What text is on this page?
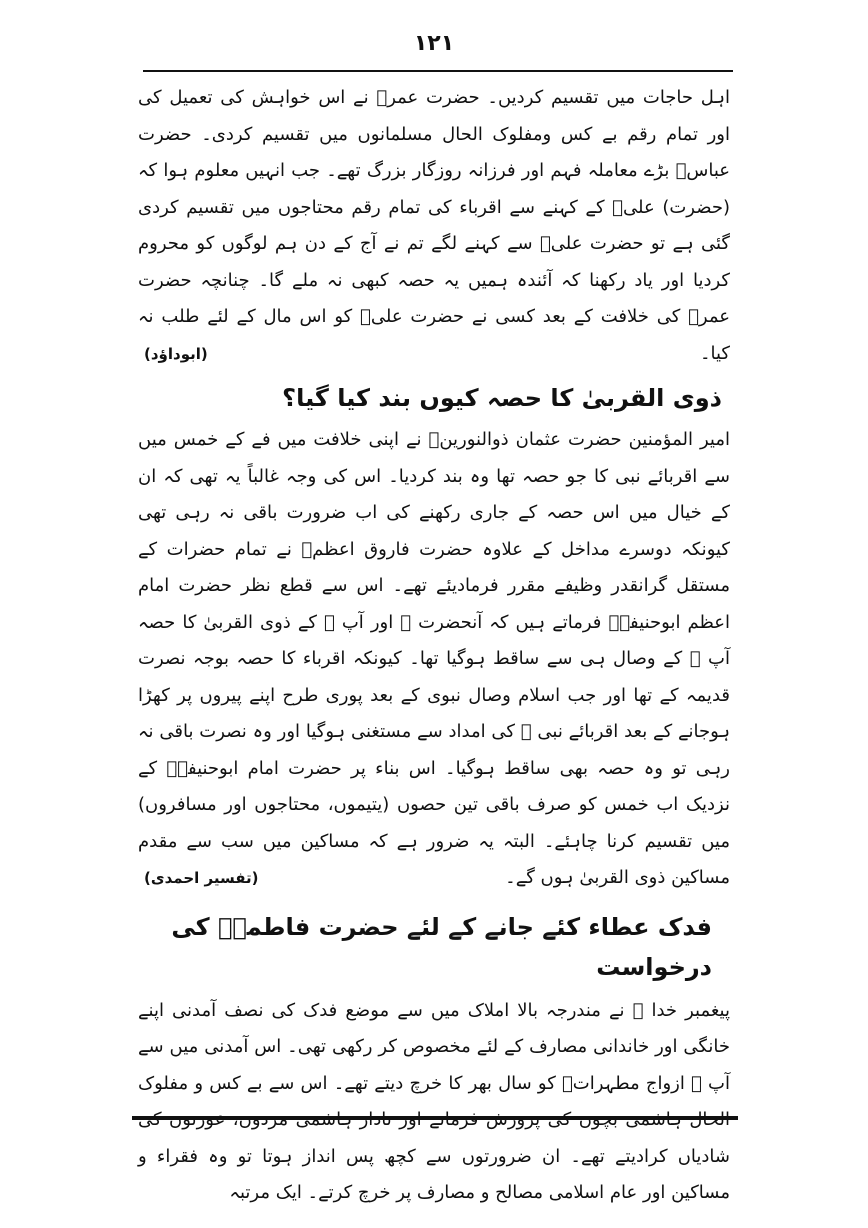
۱۲۱

اہل حاجات میں تقسیم کردیں۔ حضرت عمرؓ نے اس خواہش کی تعمیل کی اور تمام رقم بے کس ومفلوک الحال مسلمانوں میں تقسیم کردی۔ حضرت عباسؓ بڑے معاملہ فہم اور فرزانہ روزگار بزرگ تھے۔ جب انہیں معلوم ہوا کہ (حضرت) علیؓ کے کہنے سے اقرباء کی تمام رقم محتاجوں میں تقسیم کردی گئی ہے تو حضرت علیؓ سے کہنے لگے تم نے آج کے دن ہم لوگوں کو محروم کردیا اور یاد رکھنا کہ آئندہ ہمیں یہ حصہ کبھی نہ ملے گا۔ چنانچہ حضرت عمرؓ کی خلافت کے بعد کسی نے حضرت علیؓ کو اس مال کے لئے طلب نہ کیا۔
(ابوداؤد)

ذوی القربیٰ کا حصہ کیوں بند کیا گیا؟

امیر المؤمنین حضرت عثمان ذوالنورینؓ نے اپنی خلافت میں فے کے خمس میں سے اقربائے نبی کا جو حصہ تھا وہ بند کردیا۔ اس کی وجہ غالباً یہ تھی کہ ان کے خیال میں اس حصہ کے جاری رکھنے کی اب ضرورت باقی نہ رہی تھی کیونکہ دوسرے مداخل کے علاوہ حضرت فاروق اعظمؓ نے تمام حضرات کے مستقل گرانقدر وظیفے مقرر فرمادیئے تھے۔ اس سے قطع نظر حضرت امام اعظم ابوحنیفہؒ فرماتے ہیں کہ آنحضرت ﷺ اور آپ ﷺ کے ذوی القربیٰ کا حصہ آپ ﷺ کے وصال ہی سے ساقط ہوگیا تھا۔ کیونکہ اقرباء کا حصہ بوجہ نصرت قدیمہ کے تھا اور جب اسلام وصال نبوی کے بعد پوری طرح اپنے پیروں پر کھڑا ہوجانے کے بعد اقربائے نبی ﷺ کی امداد سے مستغنی ہوگیا اور وہ نصرت باقی نہ رہی تو وہ حصہ بھی ساقط ہوگیا۔ اس بناء پر حضرت امام ابوحنیفہؒ کے نزدیک اب خمس کو صرف باقی تین حصوں (یتیموں، محتاجوں اور مسافروں) میں تقسیم کرنا چاہئے۔ البتہ یہ ضرور ہے کہ مساکین میں سب سے مقدم مساکین ذوی القربیٰ ہوں گے۔
(تفسیر احمدی)

فدک عطاء کئے جانے کے لئے حضرت فاطمہؓ کی درخواست

پیغمبر خدا ﷺ نے مندرجہ بالا املاک میں سے موضع فدک کی نصف آمدنی اپنے خانگی اور خاندانی مصارف کے لئے مخصوص کر رکھی تھی۔ اس آمدنی میں سے آپ ﷺ ازواج مطہراتؓ کو سال بھر کا خرچ دیتے تھے۔ اس سے بے کس و مفلوک شادیاں کرادیتے تھے۔ ان ضرورتوں سے کچھ پس انداز ہوتا تو وہ فقراء و مساکین اور عام اسلامی مصالح و مصارف پر خرچ کرتے۔ ایک مرتبہ
